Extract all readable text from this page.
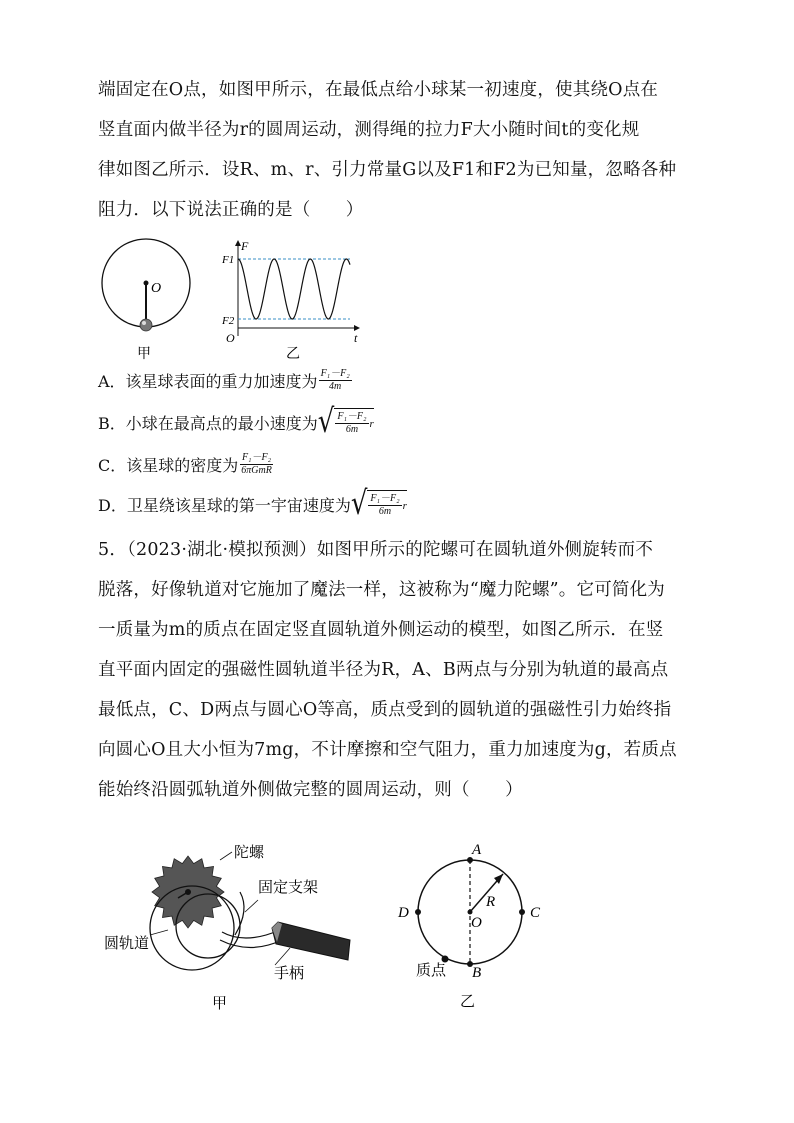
端固定在O点，如图甲所示，在最低点给小球某一初速度，使其绕O点在
竖直面内做半径为r的圆周运动，测得绳的拉力F大小随时间t的变化规
律如图乙所示．设R、m、r、引力常量G以及F1和F2为已知量，忽略各种
阻力．以下说法正确的是（　　）
O
甲
F
F1
F2
O	t
乙
A．该星球表面的重力加速度为 $\frac{\text{F₁－F₂}}{4m}$
B．小球在最高点的最小速度为 √ $\frac{\text{F₁－F₂}}{6m}$ r
C．该星球的密度为 $\frac{\text{F₁－F₂}}{\text{6πGmR}}$
D．卫星绕该星球的第一宇宙速度为 √ $\frac{\text{F₁－F₂}}{6m}$ r
5．（2023·湖北·模拟预测）如图甲所示的陀螺可在圆轨道外侧旋转而不
脱落，好像轨道对它施加了魔法一样，这被称为“魔力陀螺”。它可简化为
一质量为m的质点在固定竖直圆轨道外侧运动的模型，如图乙所示．在竖
直平面内固定的强磁性圆轨道半径为R，A、B两点与分别为轨道的最高点
最低点，C、D两点与圆心O等高，质点受到的圆轨道的强磁性引力始终指
向圆心O且大小恒为7mg，不计摩擦和空气阻力，重力加速度为g，若质点
能始终沿圆弧轨道外侧做完整的圆周运动，则（　　）
陀螺
固定支架
圆轨道
手柄
甲
A
B
C
D
O
R
质点
乙
